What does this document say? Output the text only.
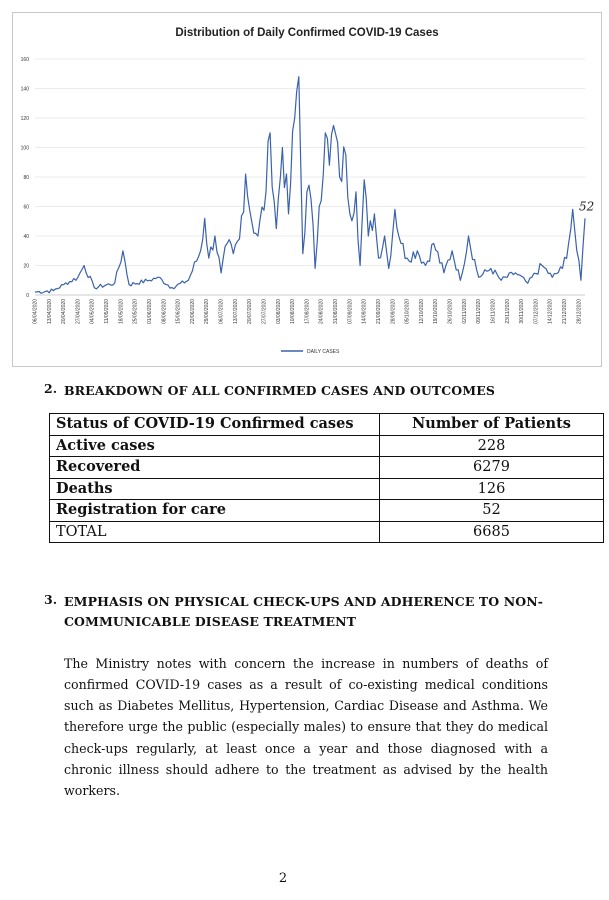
Distribution of Daily Confirmed COVID-19 Cases
0
20
40
60
80
100
120
140
160
06/04/2020 13/04/2020 20/04/2020 27/04/2020 04/05/2020 11/05/2020 18/05/2020 25/05/2020 01/06/2020 08/06/2020 15/06/2020 22/06/2020 29/06/2020 06/07/2020 13/07/2020 20/07/2020 27/07/2020 03/08/2020 10/08/2020 17/08/2020 24/08/2020 31/08/2020 07/09/2020 14/09/2020 21/09/2020 28/09/2020 05/10/2020 12/10/2020 19/10/2020 26/10/2020 02/11/2020 09/11/2020 16/11/2020 23/11/2020 30/11/2020 07/12/2020 14/12/2020 21/12/2020 28/12/2020
52
DAILY CASES
2. BREAKDOWN OF ALL CONFIRMED CASES AND OUTCOMES
Status of COVID-19 Confirmed cases	Number of Patients
Active cases	228
Recovered	6279
Deaths	126
Registration for care	52
TOTAL	6685
3. EMPHASIS ON PHYSICAL CHECK-UPS AND ADHERENCE TO NON-
COMMUNICABLE DISEASE TREATMENT

The Ministry notes with concern the increase in numbers of deaths of confirmed COVID-19 cases as a result of co-existing medical conditions such as Diabetes Mellitus, Hypertension, Cardiac Disease and Asthma. We therefore urge the public (especially males) to ensure that they do medical check-ups regularly, at least once a year and those diagnosed with a chronic illness should adhere to the treatment as advised by the health workers.

2
